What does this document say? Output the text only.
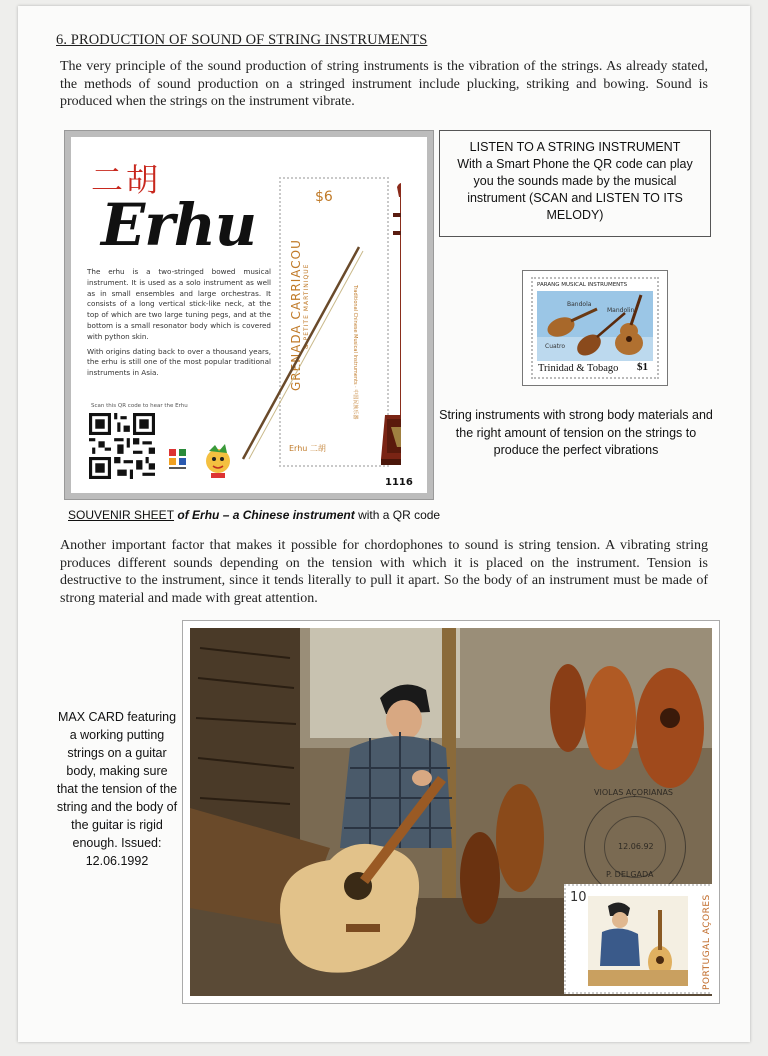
6. PRODUCTION OF SOUND OF STRING INSTRUMENTS
The very principle of the sound production of string instruments is the vibration of the strings. As already stated, the methods of sound production on a stringed instrument include plucking, striking and bowing. Sound is produced when the strings on the instrument vibrate.
二胡
Erhu

The erhu is a two-stringed bowed musical instrument. It is used as a solo instrument as well as in small ensembles and large orchestras. It consists of a long vertical stick-like neck, at the top of which are two large tuning pegs, and at the bottom is a small resonator body which is covered with python skin.

With origins dating back to over a thousand years, the erhu is still one of the most popular traditional instruments in Asia.

Scan this QR code to hear the Erhu
$6
GRENADA CARRIACOU & PETITE MARTINIQUE	Traditional Chinese Musical Instruments · 中国民族乐器
Erhu 二胡
1116
SOUVENIR SHEET of Erhu – a Chinese instrument with a QR code
LISTEN TO A STRING INSTRUMENT
With a Smart Phone the QR code can play you the sounds made by the musical instrument (SCAN and LISTEN TO ITS MELODY)
PARANG MUSICAL INSTRUMENTS
Bandola
Mandolin
Cuatro
Trinidad & Tobago $1
String instruments with strong body materials and the right amount of tension on the strings to produce the perfect vibrations
Another important factor that makes it possible for chordophones to sound is string tension. A vibrating string produces different sounds depending on the tension with which it is placed on the instrument. Tension is destructive to the instrument, since it tends literally to pull it apart. So the body of an instrument must be made of strong material and made with great attention.
MAX CARD featuring a working putting strings on a guitar body, making sure that the tension of the string and the body of the guitar is rigid enough. Issued: 12.06.1992
VIOLAS AÇORIANAS
P. DELGADA
12.06.92
10	PORTUGAL AÇORES
